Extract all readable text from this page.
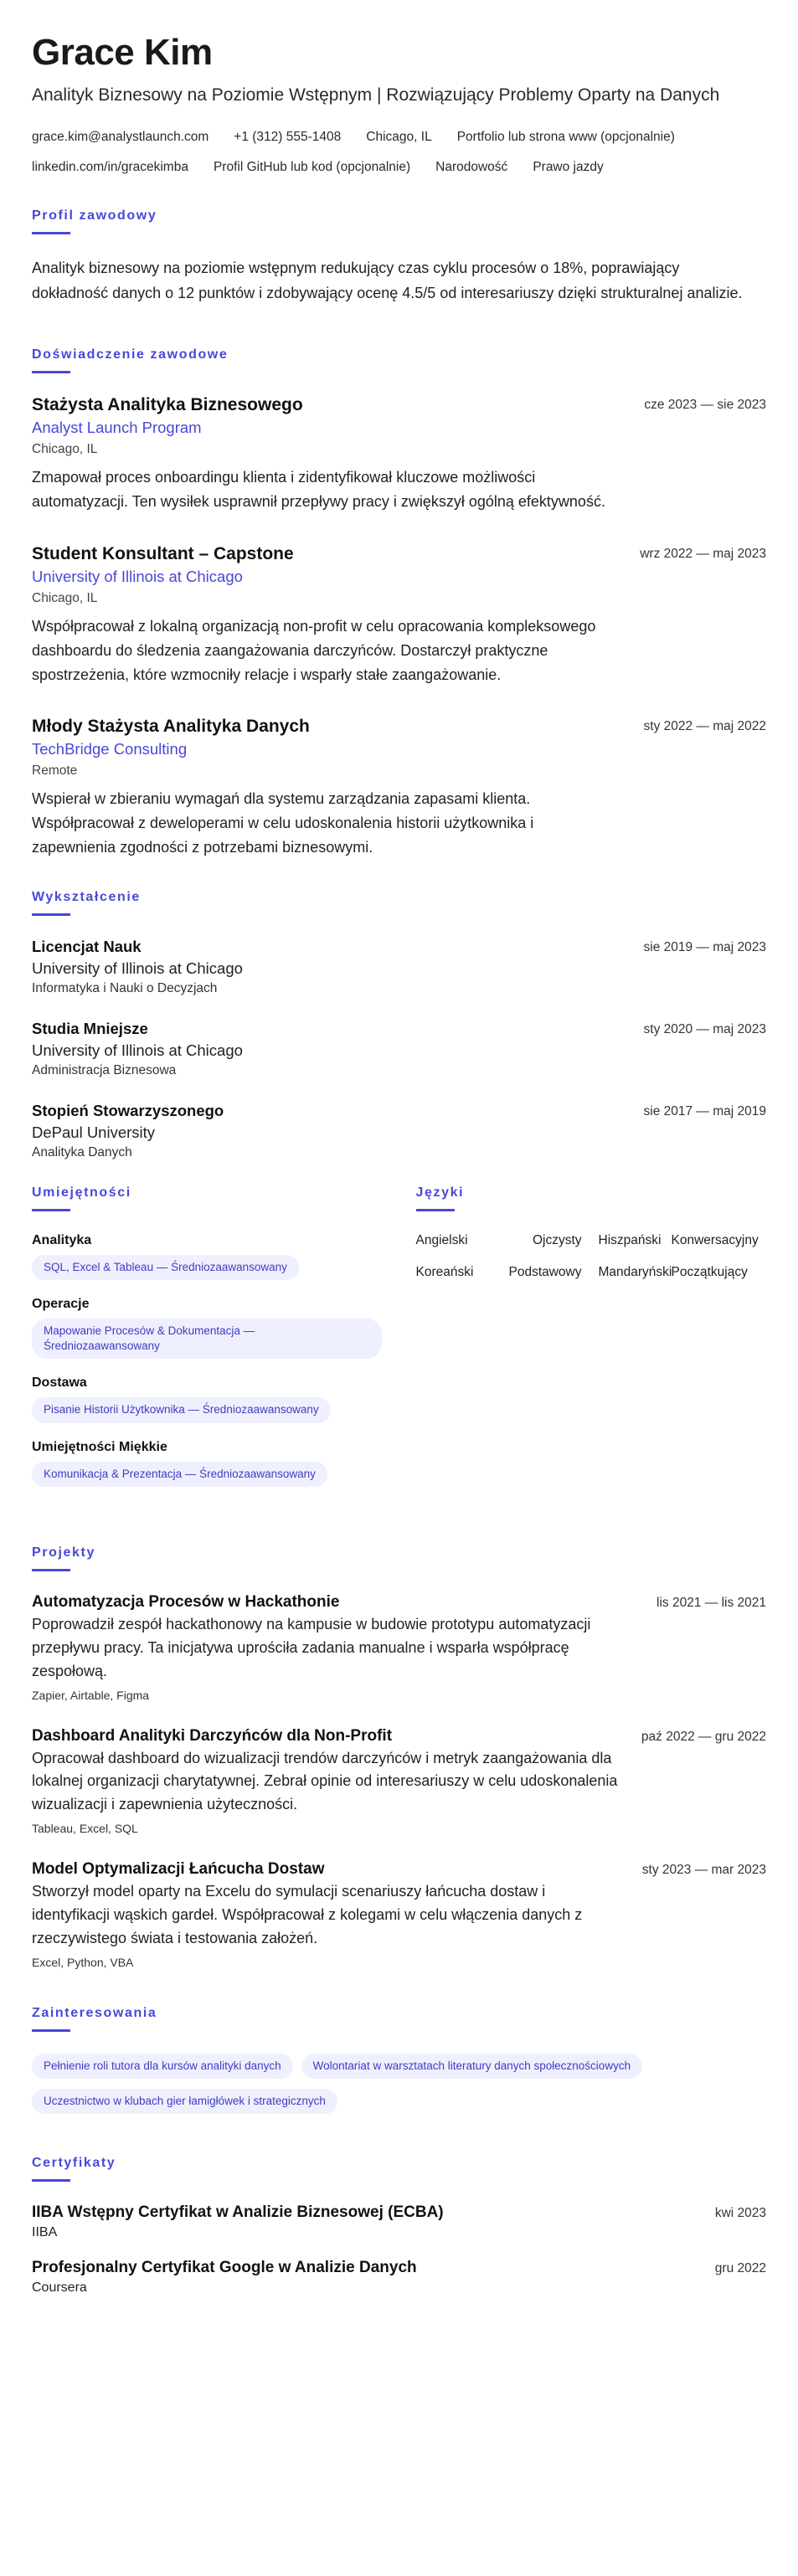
Grace Kim
Analityk Biznesowy na Poziomie Wstępnym | Rozwiązujący Problemy Oparty na Danych
grace.kim@analystlaunch.com +1 (312) 555-1408 Chicago, IL Portfolio lub strona www (opcjonalnie)
linkedin.com/in/gracekimba Profil GitHub lub kod (opcjonalnie) Narodowość Prawo jazdy
Profil zawodowy

Analityk biznesowy na poziomie wstępnym redukujący czas cyklu procesów o 18%, poprawiający dokładność danych o 12 punktów i zdobywający ocenę 4.5/5 od interesariuszy dzięki strukturalnej analizie.

Doświadczenie zawodowe
Stażysta Analityka Biznesowego	cze 2023 — sie 2023
Analyst Launch Program
Chicago, IL

Zmapował proces onboardingu klienta i zidentyfikował kluczowe możliwości automatyzacji. Ten wysiłek usprawnił przepływy pracy i zwiększył ogólną efektywność.

Student Konsultant – Capstone	wrz 2022 — maj 2023
University of Illinois at Chicago
Chicago, IL

Współpracował z lokalną organizacją non-profit w celu opracowania kompleksowego dashboardu do śledzenia zaangażowania darczyńców. Dostarczył praktyczne spostrzeżenia, które wzmocniły relacje i wsparły stałe zaangażowanie.

Młody Stażysta Analityka Danych	sty 2022 — maj 2022
TechBridge Consulting
Remote

Wspierał w zbieraniu wymagań dla systemu zarządzania zapasami klienta. Współpracował z deweloperami w celu udoskonalenia historii użytkownika i zapewnienia zgodności z potrzebami biznesowymi.

Wykształcenie
Licencjat Nauk	sie 2019 — maj 2023
University of Illinois at Chicago
Informatyka i Nauki o Decyzjach
Studia Mniejsze	sty 2020 — maj 2023
University of Illinois at Chicago
Administracja Biznesowa
Stopień Stowarzyszonego	sie 2017 — maj 2019
DePaul University
Analityka Danych
Umiejętności
Analityka
SQL, Excel & Tableau — Średniozaawansowany
Operacje
Mapowanie Procesów & Dokumentacja — Średniozaawansowany
Dostawa
Pisanie Historii Użytkownika — Średniozaawansowany
Umiejętności Miękkie
Komunikacja & Prezentacja — Średniozaawansowany
Języki
Angielski	Ojczysty	Hiszpański Konwersacyjny
Koreański	Podstawowy	Mandaryński Początkujący
Projekty
Automatyzacja Procesów w Hackathonie	lis 2021 — lis 2021

Poprowadził zespół hackathonowy na kampusie w budowie prototypu automatyzacji przepływu pracy. Ta inicjatywa uprościła zadania manualne i wsparła współpracę zespołową.

Zapier, Airtable, Figma
Dashboard Analityki Darczyńców dla Non-Profit	paź 2022 — gru 2022

Opracował dashboard do wizualizacji trendów darczyńców i metryk zaangażowania dla lokalnej organizacji charytatywnej. Zebrał opinie od interesariuszy w celu udoskonalenia wizualizacji i zapewnienia użyteczności.

Tableau, Excel, SQL
Model Optymalizacji Łańcucha Dostaw	sty 2023 — mar 2023

Stworzył model oparty na Excelu do symulacji scenariuszy łańcucha dostaw i identyfikacji wąskich gardeł. Współpracował z kolegami w celu włączenia danych z rzeczywistego świata i testowania założeń.

Excel, Python, VBA
Zainteresowania
Pełnienie roli tutora dla kursów analityki danych	Wolontariat w warsztatach literatury danych społecznościowych
Uczestnictwo w klubach gier łamigłówek i strategicznych
Certyfikaty
IIBA Wstępny Certyfikat w Analizie Biznesowej (ECBA)	kwi 2023
IIBA
Profesjonalny Certyfikat Google w Analizie Danych	gru 2022
Coursera
